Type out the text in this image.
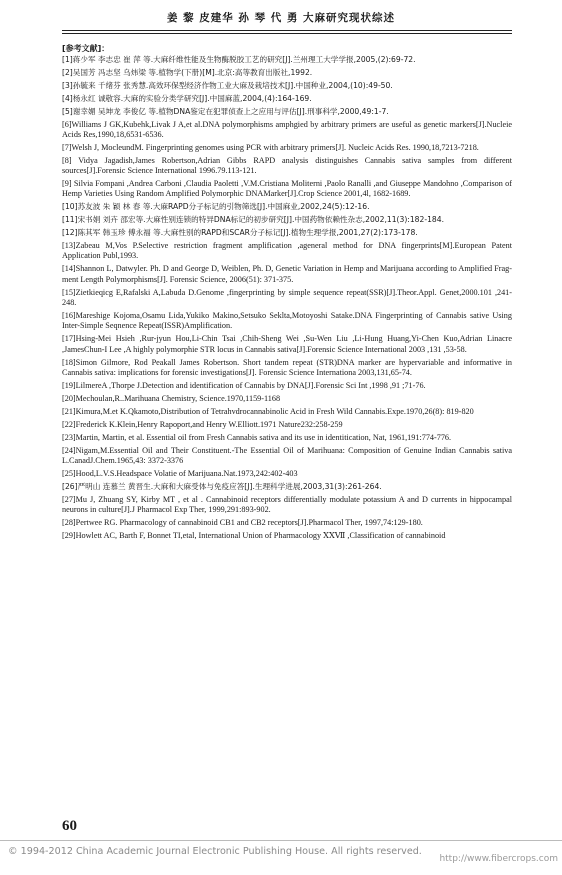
姜 黎 皮建华 孙 琴 代 勇 大麻研究现状综述
[参考文献]：

[1]蒋少军 李志忠 崔 萍 等.大麻纤维性能及生物酶脱胶工艺的研究[J].兰州理工大学学报,2005,(2):69-72.

[2]吴国芳 冯志坚 乌炜梁 等.植物学(下册)[M].北京:高等教育出版社,1992.

[3]孙毓来 千绪芬 张秀慧.高效环保型经济作物工业大麻及栽培技术[J].中国种业,2004,(10):49-50.

[4]杨永红 诚敬容.大麻的实验分类学研究[J].中国麻蓝,2004,(4):164-169.

[5]谢幸媚 吴坤龙 李俊亿 等.植物DNA鉴定在犯罪侦查上之应用与评估[J].刑事科学,2000,49:1-7.

[6]Williams J GK,Kubehk,Livak J A,et al.DNA polymorphisms amphgied by arbitrary primers are useful as genetic markers[J].Nucleie Acids Res,1990,18,6531-6536.

[7]Welsh J, MocleundM. Fingerprinting genomes using PCR with arbitrary primers[J]. Nucleic Acids Res. 1990,18,7213-7218.

[8] Vidya Jagadish,James Robertson,Adrian Gibbs RAPD analysis distinguishes Cannabis sativa samples from different sources[J].Forensic Science International 1996.79.113-121.

[9] Silvia Fompani ,Andrea Carboni ,Claudia Paoletti ,V.M.Cristiana Moliterni ,Paolo Ranalli ,and Giuseppe Mandohno ,Comparison of Hemp Varieties Using Random Amplified Polymorphic DNAMarker[J].Crop Science 2001,4l, 1682-1689.

[10]苏友波 朱 颖 林 春 等.大麻RAPD分子标记的引物筛选[J].中国麻业,2002,24(5):12-16.

[11]宋书娟 刘卉 邵宏等.大麻性别连锁的特异DNA标记的初步研究[J].中国药物依赖性杂志,2002,11(3):182-184.

[12]陈其军 韩玉珍 傅永福 等.大麻性别的RAPD和SCAR分子标记[J].植物生理学报,2001,27(2):173-178.

[13]Zabeau M,Vos P.Selective restriction fragment amplification ,ageneral method for DNA fingerprints[M].European Patent Application Publ,1993.

[14]Shannon L, Datwyler. Ph. D and George D, Weiblen, Ph. D, Genetic Variation in Hemp and Marijuana according to Amplified Frag- ment Length Polymorphisms[J]. Forensic Science, 2006(51): 371-375.

[15]Zietkieqicg E,Rafalski A,Labuda D.Genome ,fingerprinting by simple sequence repeat(SSR)[J].Theor.Appl. Genet,2000.101 ,241-248.

[16]Mareshige Kojoma,Osamu Lida,Yukiko Makino,Setsuko Seklta,Motoyoshi Satake.DNA Fingerprinting of Cannabis sative Using Inter-Simple Seqnence Repeat(ISSR)Amplification.

[17]Hsing-Mei Hsieh ,Rur-jyun Hou,Li-Chin Tsai ,Chih-Sheng Wei ,Su-Wen Liu ,Li-Hung Huang,Yi-Chen Kuo,Adrian Linacre ,JamesChun-I Lee ,A highly polymorphie STR locus in Cannabis sativa[J].Forensic Science International 2003 ,131 ,53-58.

[18]Simon Gilmore, Rod Peakall James Robertson. Short tandem repeat (STR)DNA marker are hypervariable and informative in Cannabis sativa: implications for forensic investigations[J]. Forensic Science Internationa 2003,131,65-74.

[19]LilmereA ,Thorpe J.Detection and identification of Cannabis by DNA[J].Forensic Sci Int ,1998 ,91 ;71-76.

[20]Mechoulan,R..Marihuana Chemistry, Science.1970,1159-1168

[21]Kimura,M.et K.Qkamoto,Distribution of Tetrahvdrocannabinolic Acid in Fresh Wild Cannabis.Expe.1970,26(8): 819-820

[22]Frederick K.Klein,Henry Rapoport,and Henry W.Elliott.1971 Nature232:258-259

[23]Martin, Martin, et al. Essential oil from Fresh Cannabis sativa and its use in identitication, Nat, 1961,191:774-776.

[24]Nigam,M.Essential Oil and Their Constituent.-The Essential Oil of Marihuana: Composition of Genuine Indian Cannabis sativa L.CanadJ.Chem.1965,43: 3372-3376

[25]Hood,L.V.S.Headspace Volatie of Marijuana.Nat.1973,242:402-403

[26]严明山 连慕兰 黄晋生.大麻和大麻受体与免疫应答[J].生理科学进展,2003,31(3):261-264.

[27]Mu J, Zhuang SY, Kirby MT , et al . Cannabinoid receptors differentially modulate potassium A and D currents in hippocampal neurons in culture[J].J Pharmacol Exp Ther, 1999,291:893-902.

[28]Pertwee RG. Pharmacology of cannabinoid CB1 and CB2 receptors[J].Pharmacol Ther, 1997,74:129-180.

[29]Howlett AC, Barth F, Bonnet TI,etal, International Union of Pharmacology ⅩⅩⅦ ,Classification of cannabinoid

60
© 1994-2012 China Academic Journal Electronic Publishing House. All rights reserved.
http://www.fibercrops.com
